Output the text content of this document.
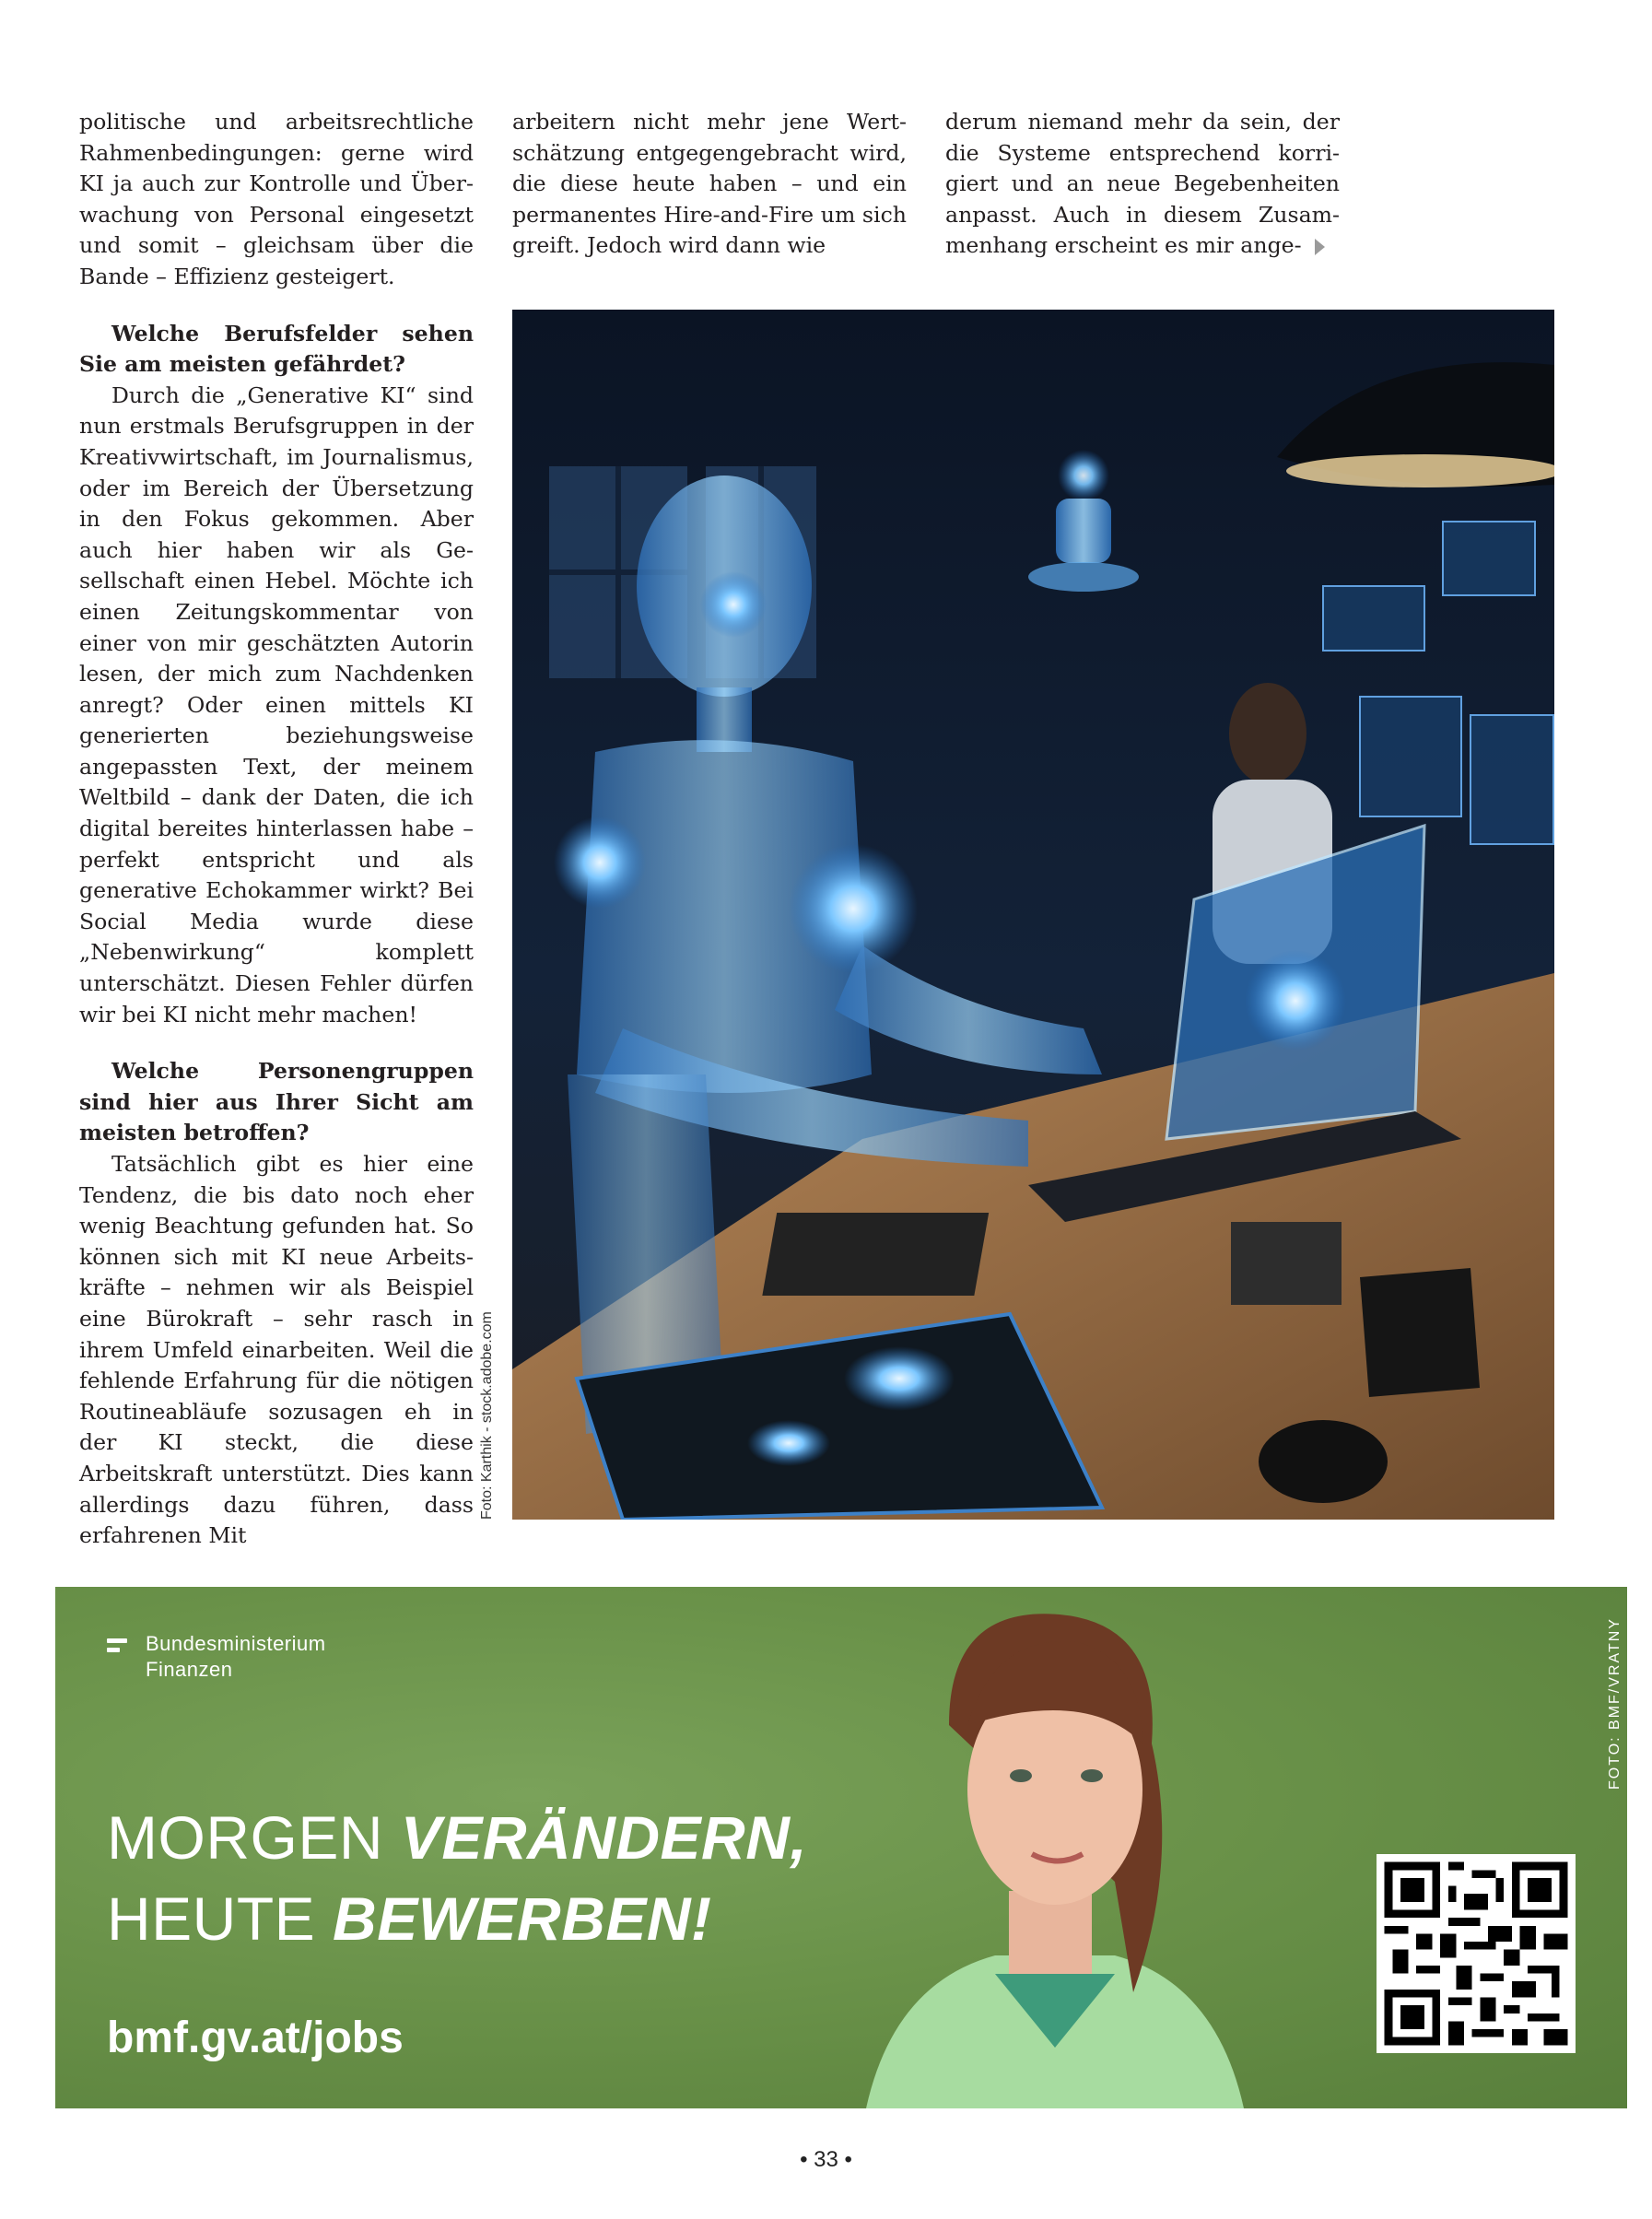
politische und arbeitsrechtliche Rahmenbedingungen: gerne wird KI ja auch zur Kontrolle und Überwachung von Personal eingesetzt und somit – gleichsam über die Bande – Effizienz gesteigert.

Welche Berufsfelder sehen Sie am meisten gefährdet?

Durch die „Generative KI“ sind nun erstmals Berufsgruppen in der Kreativwirtschaft, im Journalismus, oder im Bereich der Übersetzung in den Fokus gekommen. Aber auch hier haben wir als Gesellschaft einen Hebel. Möchte ich einen Zeitungskommentar von einer von mir geschätzten Autorin lesen, der mich zum Nachdenken anregt? Oder einen mittels KI generierten beziehungsweise angepassten Text, der meinem Weltbild – dank der Daten, die ich digital bereites hinterlassen habe – perfekt entspricht und als generative Echokammer wirkt? Bei Social Media wurde diese „Nebenwirkung“ komplett unterschätzt. Diesen Fehler dürfen wir bei KI nicht mehr machen!

Welche Personengruppen sind hier aus Ihrer Sicht am meisten betroffen?

Tatsächlich gibt es hier eine Tendenz, die bis dato noch eher wenig Beachtung gefunden hat. So können sich mit KI neue Arbeitskräfte – nehmen wir als Beispiel eine Bürokraft – sehr rasch in ihrem Umfeld einarbeiten. Weil die fehlende Erfahrung für die nötigen Routineabläufe sozusagen eh in der KI steckt, die diese Arbeitskraft unterstützt. Dies kann allerdings dazu führen, dass erfahrenen Mit

arbeitern nicht mehr jene Wertschätzung entgegengebracht wird, die diese heute haben – und ein permanentes Hire-and-Fire um sich greift. Jedoch wird dann wie

derum niemand mehr da sein, der die Systeme entsprechend korrigiert und an neue Begebenheiten anpasst. Auch in diesem Zusammenhang erscheint es mir ange-

Foto: Karthik - stock.adobe.com
Bundesministerium
Finanzen
MORGEN VERÄNDERN,
HEUTE BEWERBEN!
bmf.gv.at/jobs
FOTO: BMF/VRATNY
• 33 •
